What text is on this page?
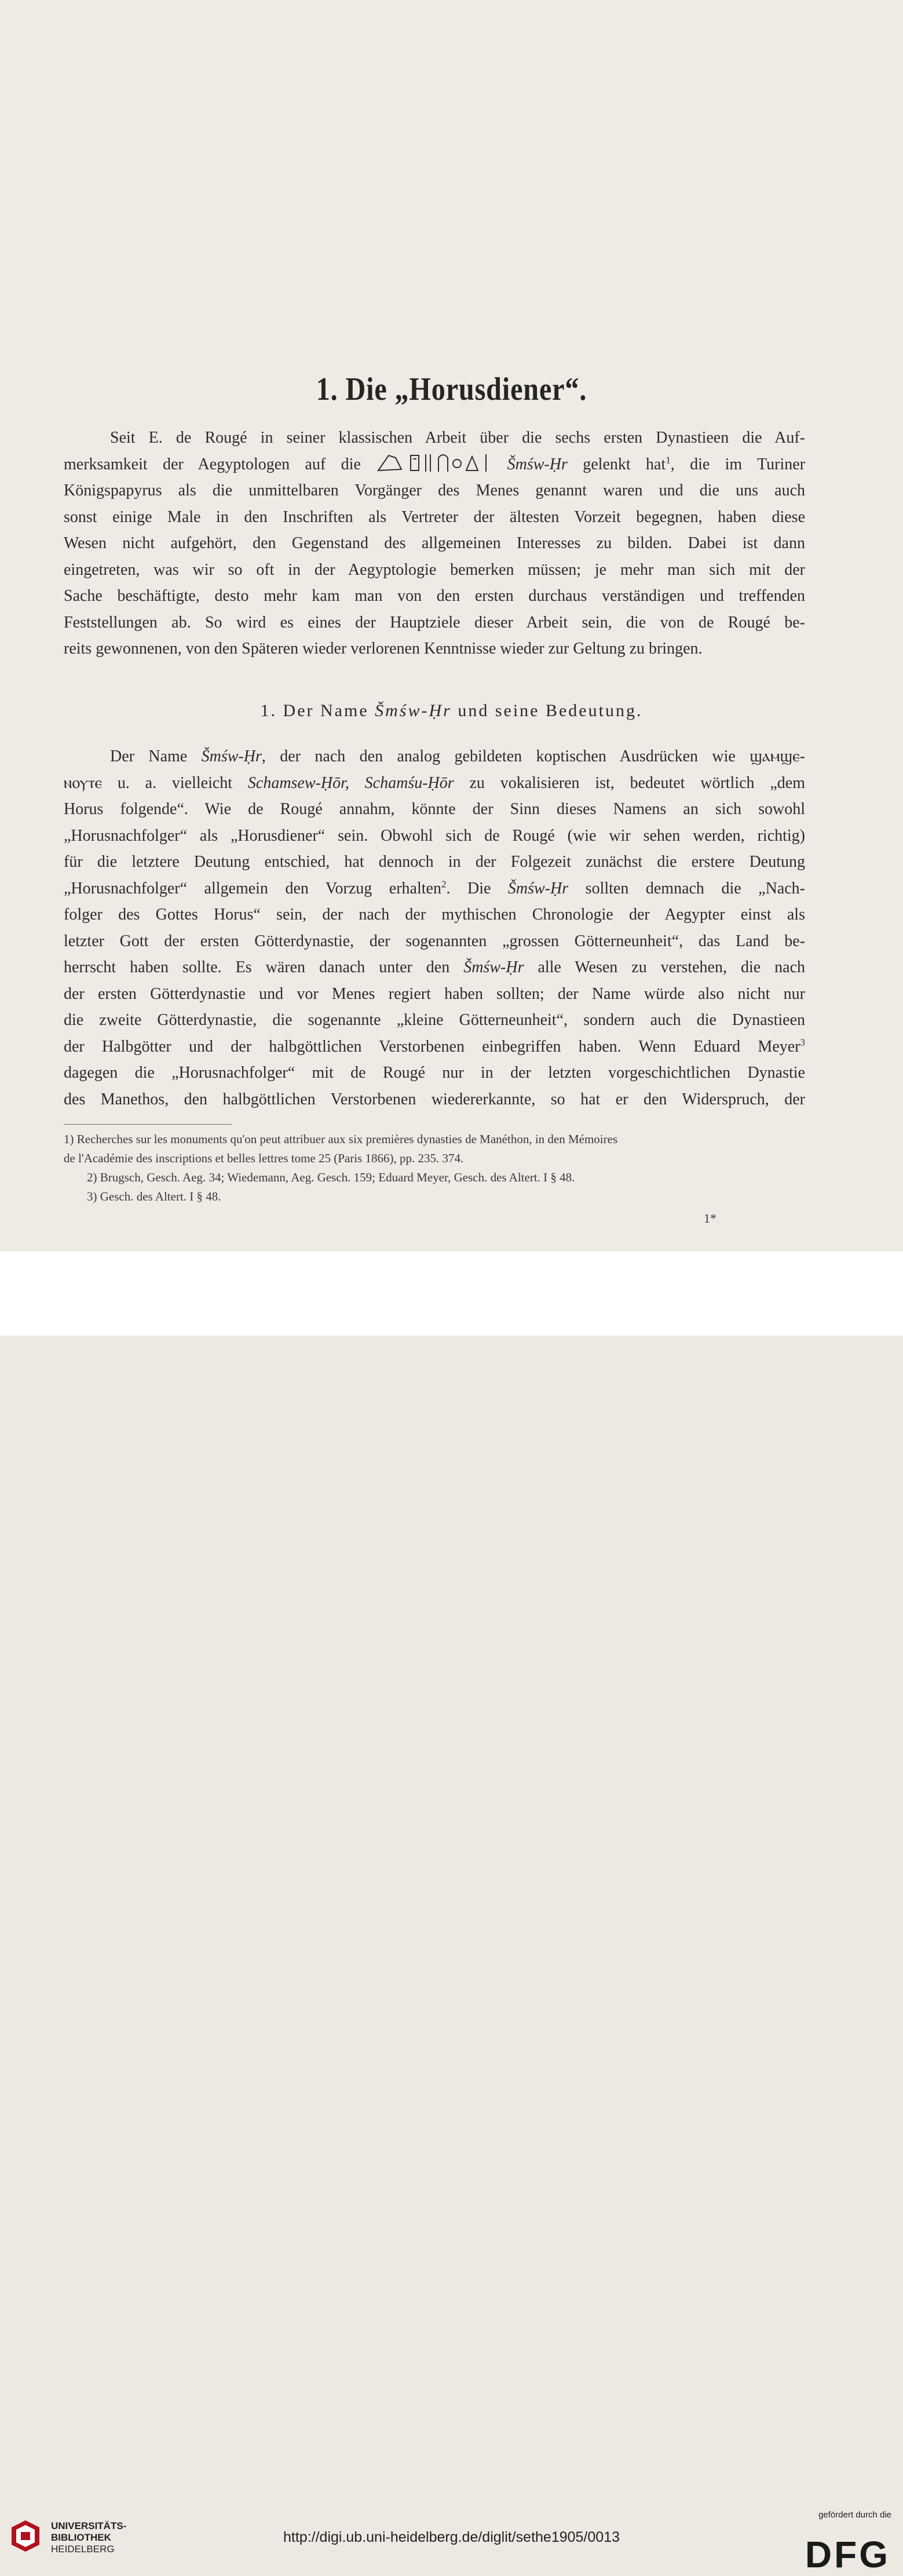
1. Die „Horusdiener“.
Seit E. de Rougé in seiner klassischen Arbeit über die sechs ersten Dynastieen die Auf-
merksamkeit der Aegyptologen auf die	Šmśw-Ḥr gelenkt hat$^1$, die im Turiner
Königspapyrus als die unmittelbaren Vorgänger des Menes genannt waren und die uns auch
sonst einige Male in den Inschriften als Vertreter der ältesten Vorzeit begegnen, haben diese
Wesen nicht aufgehört, den Gegenstand des allgemeinen Interesses zu bilden. Dabei ist dann
eingetreten, was wir so oft in der Aegyptologie bemerken müssen; je mehr man sich mit der
Sache beschäftigte, desto mehr kam man von den ersten durchaus verständigen und treffenden
Feststellungen ab. So wird es eines der Hauptziele dieser Arbeit sein, die von de Rougé be-
reits gewonnenen, von den Späteren wieder verlorenen Kenntnisse wieder zur Geltung zu bringen.
1. Der Name Šmśw-Ḥr und seine Bedeutung.
Der Name Šmśw-Ḥr, der nach den analog gebildeten koptischen Ausdrücken wie ϣⲁⲙϣⲉ-
ⲛⲟⲩⲧⲉ u. a. vielleicht Schamsew-Ḥōr, Schamśu-Ḥōr zu vokalisieren ist, bedeutet wörtlich „dem
Horus folgende“. Wie de Rougé annahm, könnte der Sinn dieses Namens an sich sowohl
„Horusnachfolger“ als „Horusdiener“ sein. Obwohl sich de Rougé (wie wir sehen werden, richtig)
für die letztere Deutung entschied, hat dennoch in der Folgezeit zunächst die erstere Deutung
„Horusnachfolger“ allgemein den Vorzug erhalten$^2$. Die Šmśw-Ḥr sollten demnach die „Nach-
folger des Gottes Horus“ sein, der nach der mythischen Chronologie der Aegypter einst als
letzter Gott der ersten Götterdynastie, der sogenannten „grossen Götterneunheit“, das Land be-
herrscht haben sollte. Es wären danach unter den Šmśw-Ḥr alle Wesen zu verstehen, die nach
der ersten Götterdynastie und vor Menes regiert haben sollten; der Name würde also nicht nur
die zweite Götterdynastie, die sogenannte „kleine Götterneunheit“, sondern auch die Dynastieen
der Halbgötter und der halbgöttlichen Verstorbenen einbegriffen haben. Wenn Eduard Meyer$^3$
dagegen die „Horusnachfolger“ mit de Rougé nur in der letzten vorgeschichtlichen Dynastie
des Manethos, den halbgöttlichen Verstorbenen wiedererkannte, so hat er den Widerspruch, der
1) Recherches sur les monuments qu'on peut attribuer aux six premières dynasties de Manéthon, in den Mémoires
de l'Académie des inscriptions et belles lettres tome 25 (Paris 1866), pp. 235. 374.
2) Brugsch, Gesch. Aeg. 34; Wiedemann, Aeg. Gesch. 159; Eduard Meyer, Gesch. des Altert. I § 48.
3) Gesch. des Altert. I § 48.
1*
UNIVERSITÄTS-
BIBLIOTHEK
HEIDELBERG
http://digi.ub.uni-heidelberg.de/diglit/sethe1905/0013
gefördert durch die
DFG
